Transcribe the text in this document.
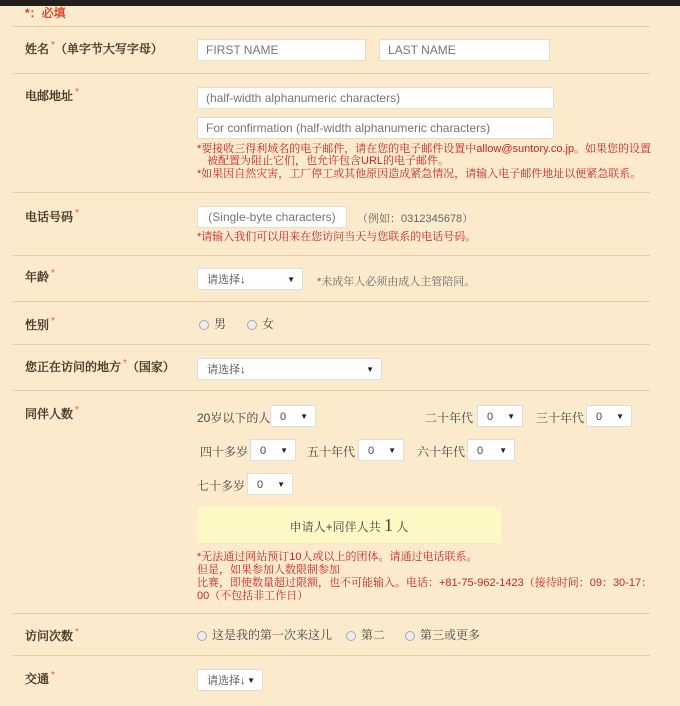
*：必填
姓名 *（单字节大写字母）
FIRST NAME
LAST NAME
电邮地址 *
(half-width alphanumeric characters)
For confirmation (half-width alphanumeric characters)
*要接收三得利域名的电子邮件，请在您的电子邮件设置中allow@suntory.co.jp。如果您的设置
被配置为阻止它们，也允许包含URL的电子邮件。
*如果因自然灾害，工厂停工或其他原因造成紧急情况，请输入电子邮件地址以便紧急联系。
电话号码 *
(Single-byte characters)	（例如：0312345678）
*请输入我们可以用来在您访问当天与您联系的电话号码。
年龄 *
请选择↓	▼ *未成年人必须由成人主管陪同。
性别 *	男	女
您正在访问的地方 *（国家）	请选择↓	▼
同伴人数 *
20岁以下的人 0 ▼	二十年代	0 ▼ 三十年代	0 ▼
四十多岁	0 ▼ 五十年代	0 ▼ 六十年代	0 ▼
七十多岁	0 ▼
申请人+同伴人共 1 人
*无法通过网站预订10人或以上的团体。请通过电话联系。
但是，如果参加人数限制参加
比赛，即使数量超过限额，也不可能输入。电话：+81-75-962-1423（接待时间：09：30-17：
00（不包括非工作日）
访问次数 *	这是我的第一次来这儿	第二	第三或更多
交通 *	请选择↓ ▼
